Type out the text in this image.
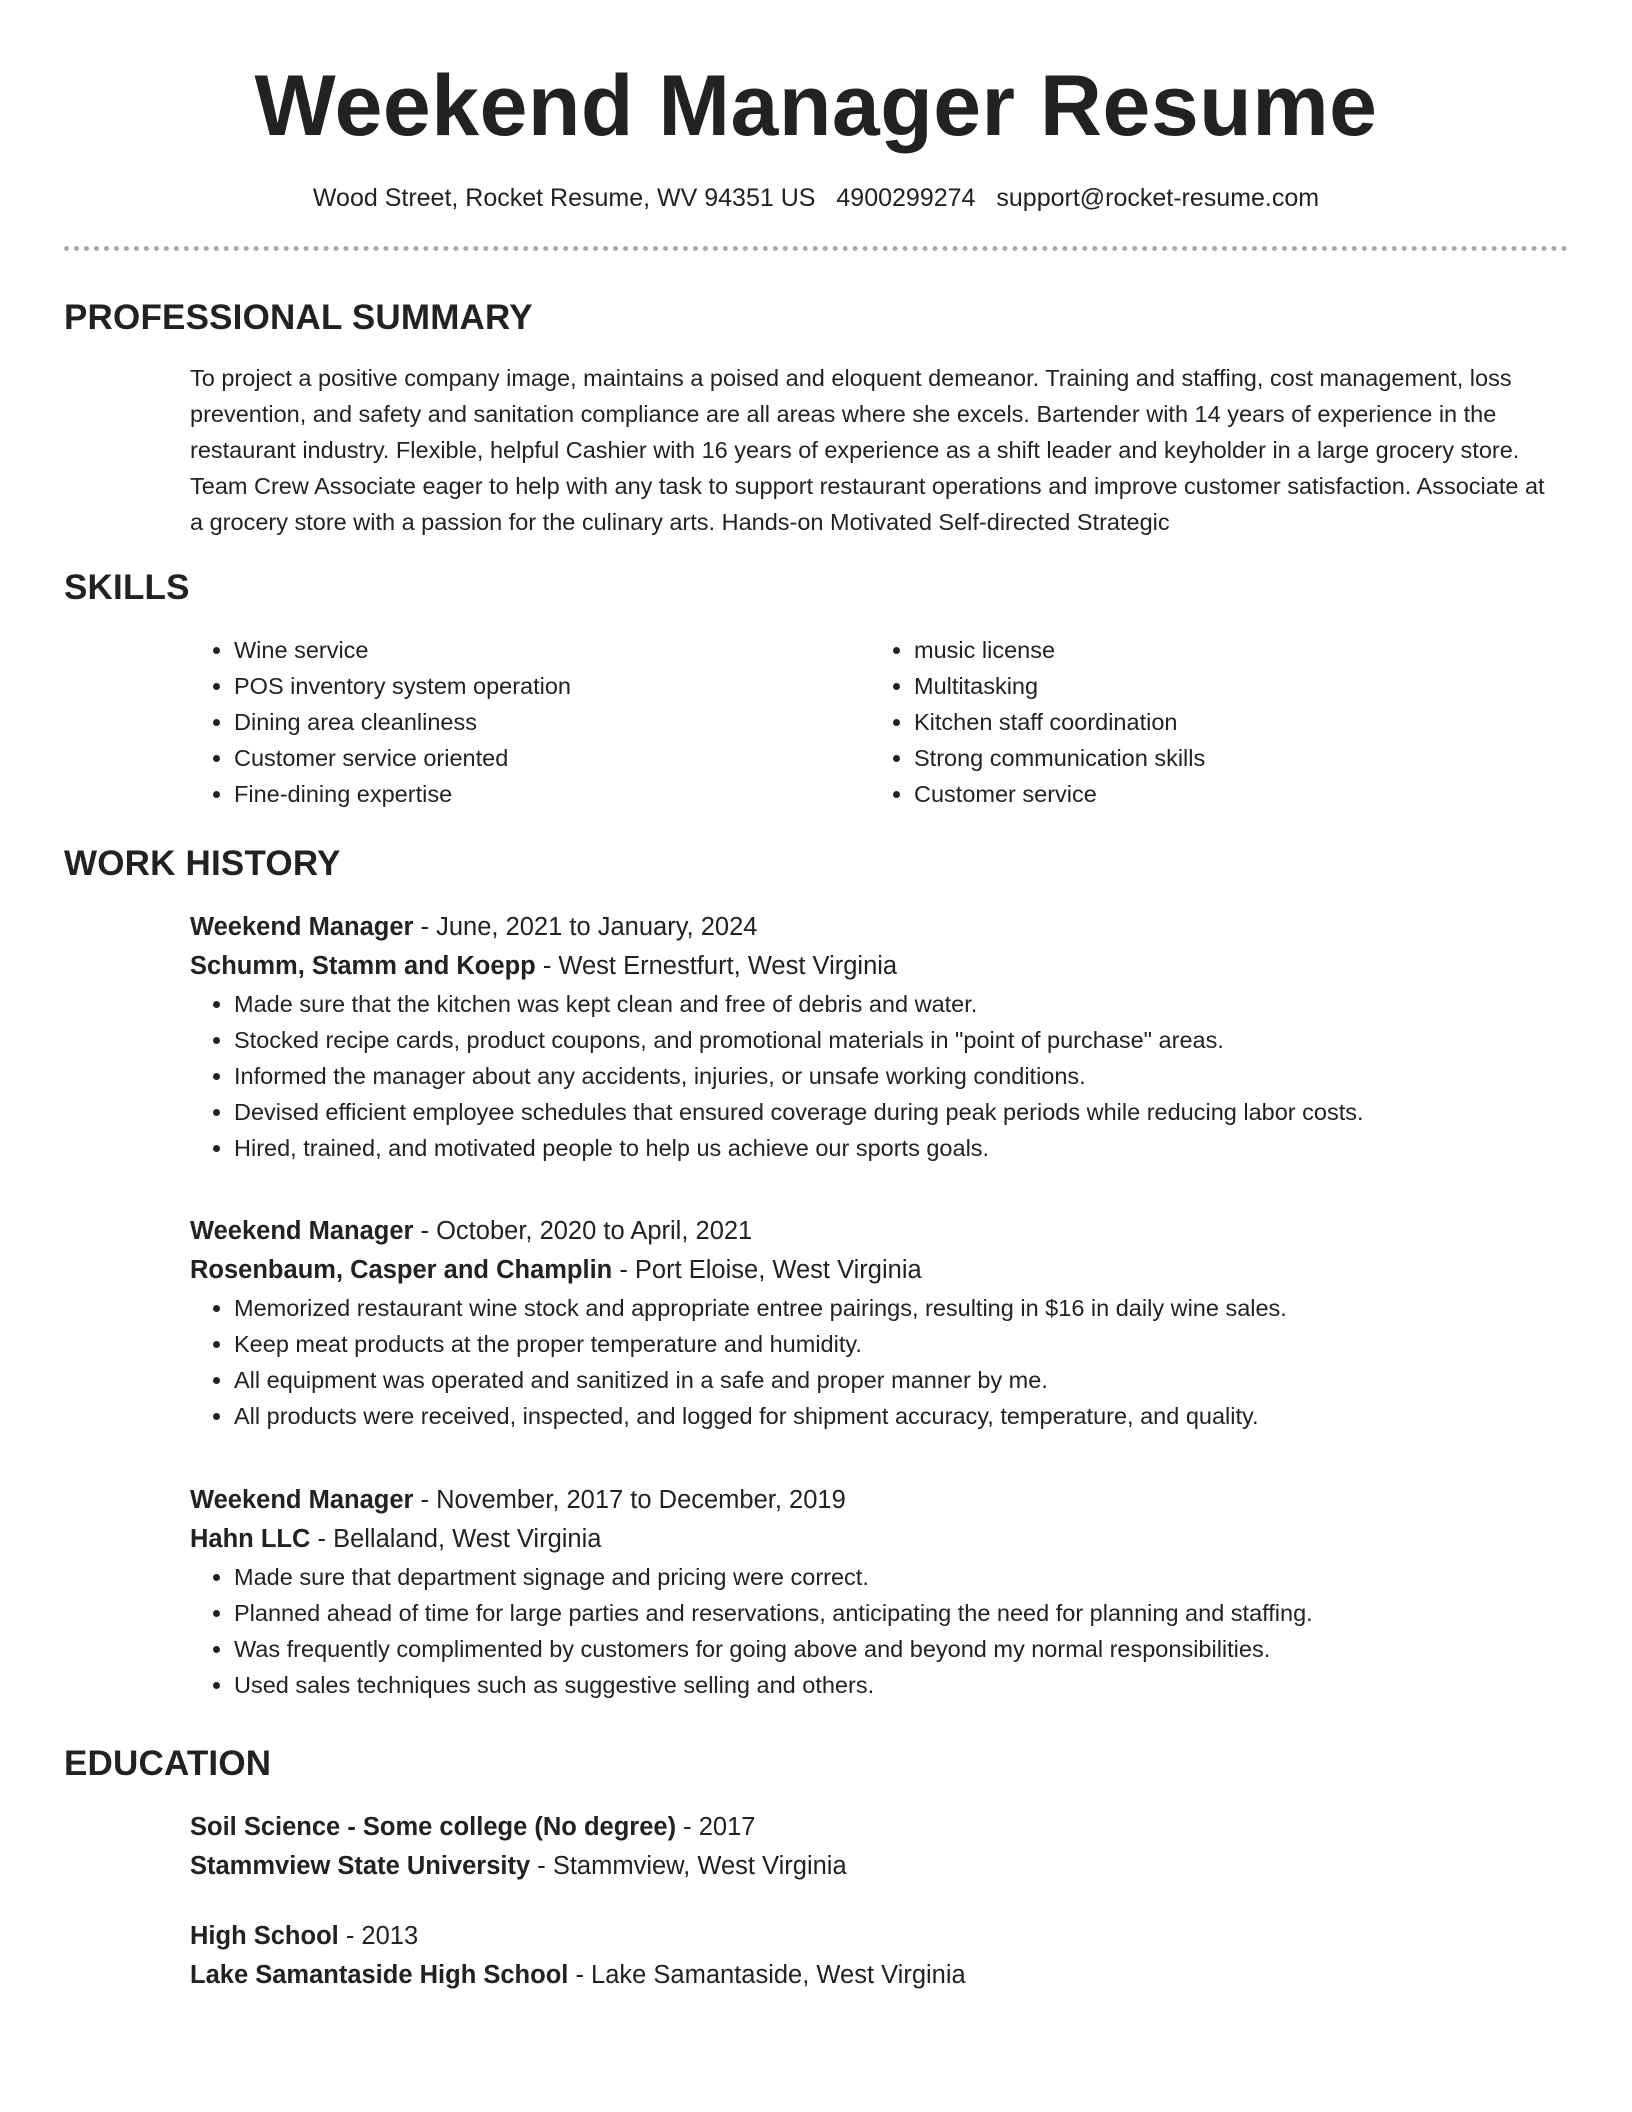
Weekend Manager Resume
Wood Street, Rocket Resume, WV 94351 US 4900299274 support@rocket-resume.com
PROFESSIONAL SUMMARY
To project a positive company image, maintains a poised and eloquent demeanor. Training and staffing, cost management, loss prevention, and safety and sanitation compliance are all areas where she excels. Bartender with 14 years of experience in the restaurant industry. Flexible, helpful Cashier with 16 years of experience as a shift leader and keyholder in a large grocery store. Team Crew Associate eager to help with any task to support restaurant operations and improve customer satisfaction. Associate at a grocery store with a passion for the culinary arts. Hands-on Motivated Self-directed Strategic
SKILLS
• Wine service
• POS inventory system operation
• Dining area cleanliness
• Customer service oriented
• Fine-dining expertise
• music license
• Multitasking
• Kitchen staff coordination
• Strong communication skills
• Customer service
WORK HISTORY
Weekend Manager - June, 2021 to January, 2024
Schumm, Stamm and Koepp - West Ernestfurt, West Virginia
• Made sure that the kitchen was kept clean and free of debris and water.
• Stocked recipe cards, product coupons, and promotional materials in "point of purchase" areas.
• Informed the manager about any accidents, injuries, or unsafe working conditions.
• Devised efficient employee schedules that ensured coverage during peak periods while reducing labor costs.
• Hired, trained, and motivated people to help us achieve our sports goals.
Weekend Manager - October, 2020 to April, 2021
Rosenbaum, Casper and Champlin - Port Eloise, West Virginia
• Memorized restaurant wine stock and appropriate entree pairings, resulting in $16 in daily wine sales.
• Keep meat products at the proper temperature and humidity.
• All equipment was operated and sanitized in a safe and proper manner by me.
• All products were received, inspected, and logged for shipment accuracy, temperature, and quality.
Weekend Manager - November, 2017 to December, 2019
Hahn LLC - Bellaland, West Virginia
• Made sure that department signage and pricing were correct.
• Planned ahead of time for large parties and reservations, anticipating the need for planning and staffing.
• Was frequently complimented by customers for going above and beyond my normal responsibilities.
• Used sales techniques such as suggestive selling and others.
EDUCATION
Soil Science - Some college (No degree) - 2017
Stammview State University - Stammview, West Virginia
High School - 2013
Lake Samantaside High School - Lake Samantaside, West Virginia
